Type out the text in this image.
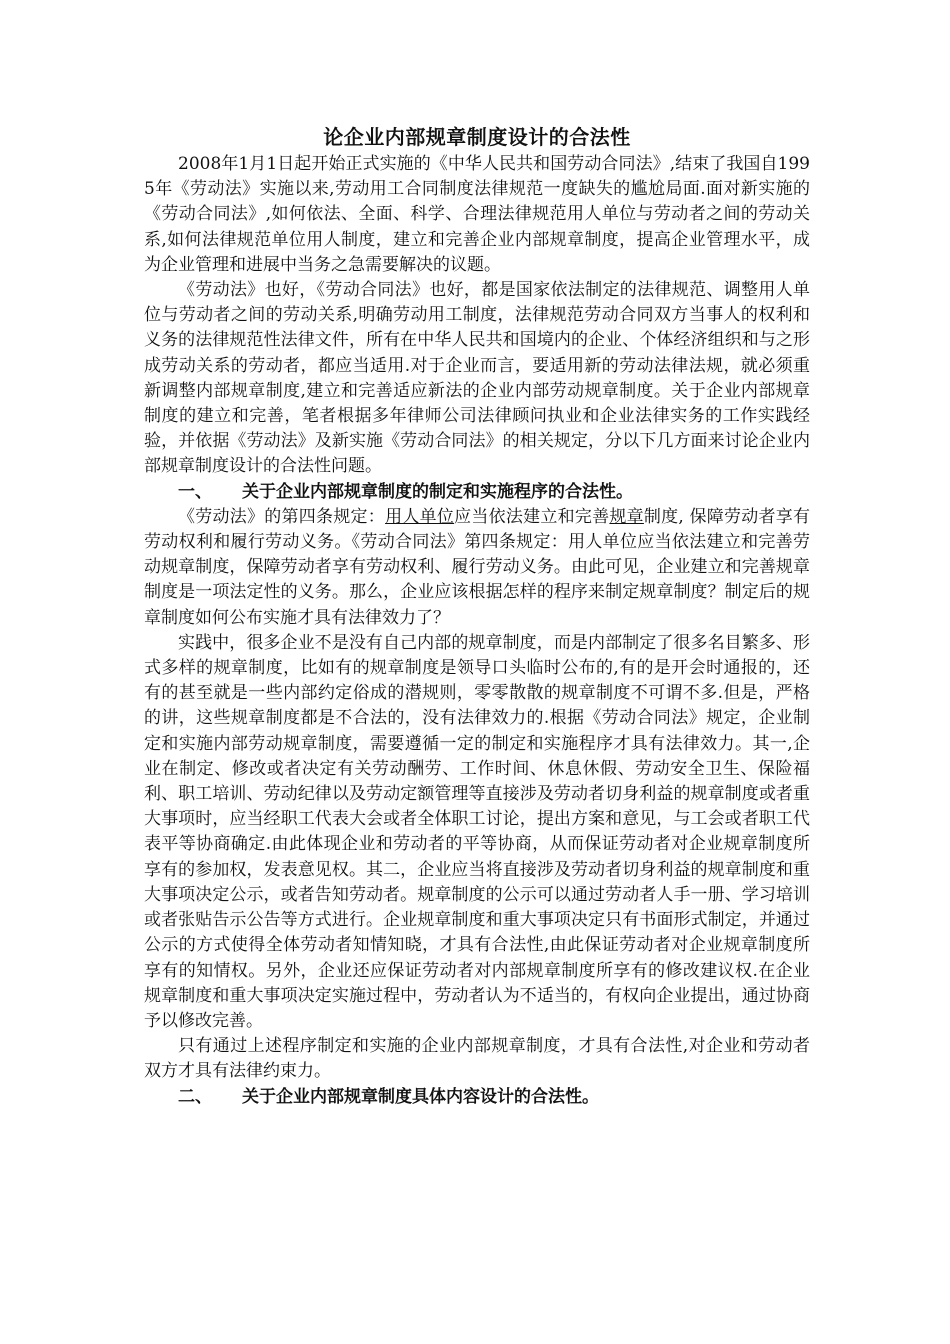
论企业内部规章制度设计的合法性

2008年1月1日起开始正式实施的《中华人民共和国劳动合同法》,结束了我国自1995年《劳动法》实施以来,劳动用工合同制度法律规范一度缺失的尴尬局面.面对新实施的《劳动合同法》,如何依法、全面、科学、合理法律规范用人单位与劳动者之间的劳动关系,如何法律规范单位用人制度，建立和完善企业内部规章制度，提高企业管理水平，成为企业管理和进展中当务之急需要解决的议题。

《劳动法》也好，《劳动合同法》也好，都是国家依法制定的法律规范、调整用人单位与劳动者之间的劳动关系,明确劳动用工制度，法律规范劳动合同双方当事人的权利和义务的法律规范性法律文件，所有在中华人民共和国境内的企业、个体经济组织和与之形成劳动关系的劳动者，都应当适用.对于企业而言，要适用新的劳动法律法规，就必须重新调整内部规章制度,建立和完善适应新法的企业内部劳动规章制度。关于企业内部规章制度的建立和完善，笔者根据多年律师公司法律顾问执业和企业法律实务的工作实践经验，并依据《劳动法》及新实施《劳动合同法》的相关规定，分以下几方面来讨论企业内部规章制度设计的合法性问题。

一、	关于企业内部规章制度的制定和实施程序的合法性。

《劳动法》的第四条规定：用人单位应当依法建立和完善规章制度, 保障劳动者享有劳动权利和履行劳动义务。《劳动合同法》第四条规定：用人单位应当依法建立和完善劳动规章制度，保障劳动者享有劳动权利、履行劳动义务。由此可见，企业建立和完善规章制度是一项法定性的义务。那么，企业应该根据怎样的程序来制定规章制度？制定后的规章制度如何公布实施才具有法律效力了？

实践中，很多企业不是没有自己内部的规章制度，而是内部制定了很多名目繁多、形式多样的规章制度，比如有的规章制度是领导口头临时公布的,有的是开会时通报的，还有的甚至就是一些内部约定俗成的潜规则，零零散散的规章制度不可谓不多.但是，严格的讲，这些规章制度都是不合法的，没有法律效力的.根据《劳动合同法》规定，企业制定和实施内部劳动规章制度，需要遵循一定的制定和实施程序才具有法律效力。其一,企业在制定、修改或者决定有关劳动酬劳、工作时间、休息休假、劳动安全卫生、保险福利、职工培训、劳动纪律以及劳动定额管理等直接涉及劳动者切身利益的规章制度或者重大事项时，应当经职工代表大会或者全体职工讨论，提出方案和意见，与工会或者职工代表平等协商确定.由此体现企业和劳动者的平等协商，从而保证劳动者对企业规章制度所享有的参加权，发表意见权。其二，企业应当将直接涉及劳动者切身利益的规章制度和重大事项决定公示，或者告知劳动者。规章制度的公示可以通过劳动者人手一册、学习培训或者张贴告示公告等方式进行。企业规章制度和重大事项决定只有书面形式制定，并通过公示的方式使得全体劳动者知情知晓，才具有合法性,由此保证劳动者对企业规章制度所享有的知情权。另外，企业还应保证劳动者对内部规章制度所享有的修改建议权.在企业规章制度和重大事项决定实施过程中，劳动者认为不适当的，有权向企业提出，通过协商予以修改完善。

只有通过上述程序制定和实施的企业内部规章制度，才具有合法性,对企业和劳动者双方才具有法律约束力。

二、	关于企业内部规章制度具体内容设计的合法性。
